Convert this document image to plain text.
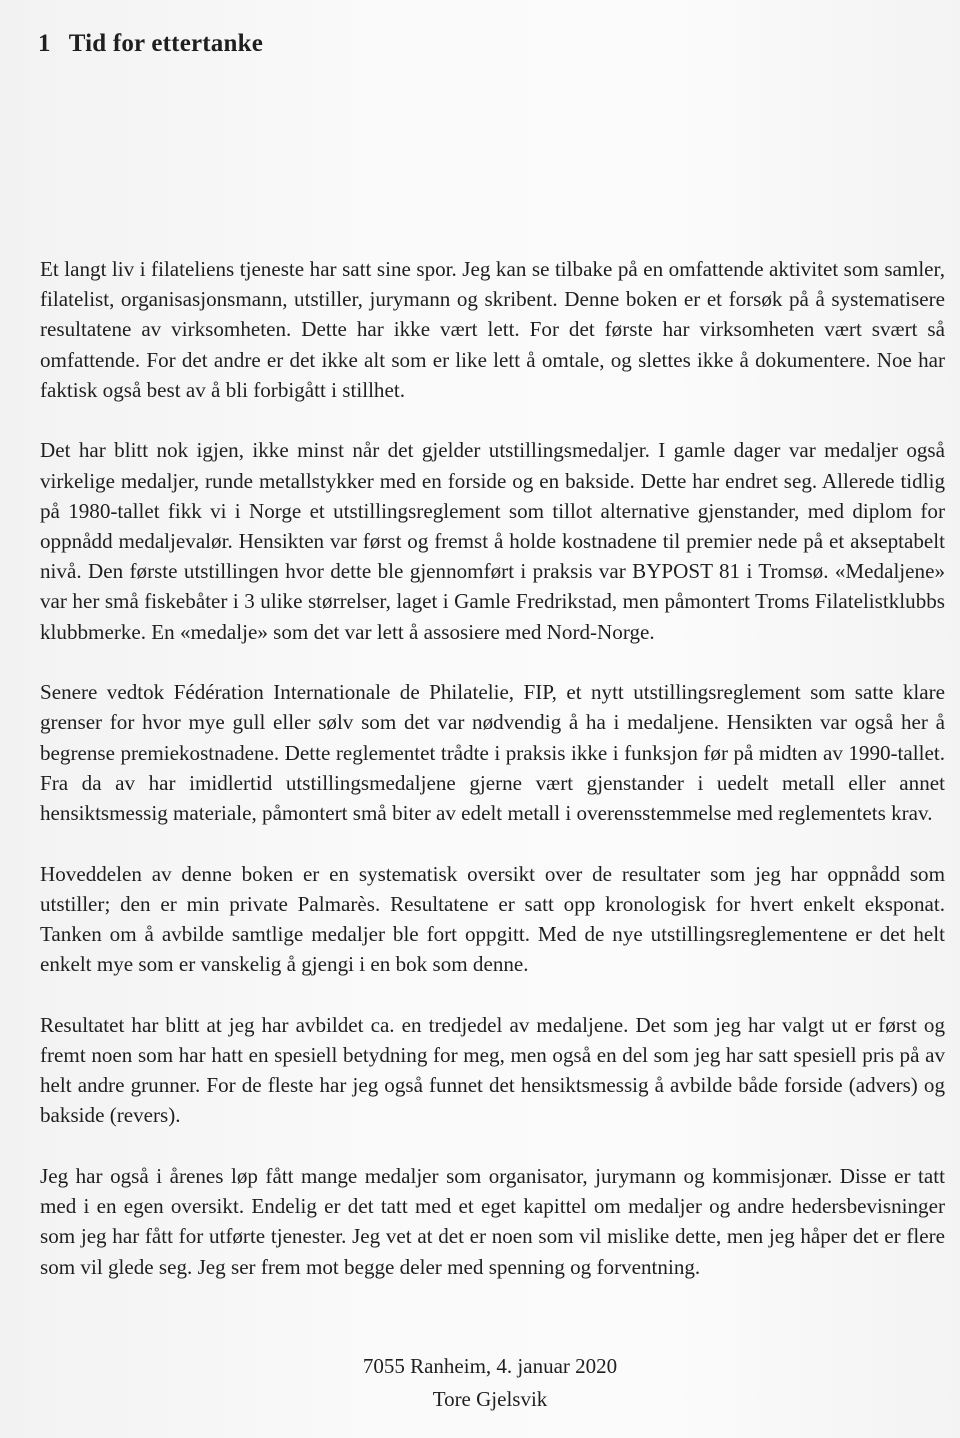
1 Tid for ettertanke

Et langt liv i filateliens tjeneste har satt sine spor. Jeg kan se tilbake på en omfattende aktivitet som samler, filatelist, organisasjonsmann, utstiller, jurymann og skribent. Denne boken er et forsøk på å systematisere resultatene av virksomheten. Dette har ikke vært lett. For det første har virksomheten vært svært så omfattende. For det andre er det ikke alt som er like lett å omtale, og slettes ikke å dokumentere. Noe har faktisk også best av å bli forbigått i stillhet.

Det har blitt nok igjen, ikke minst når det gjelder utstillingsmedaljer. I gamle dager var medaljer også virkelige medaljer, runde metallstykker med en forside og en bakside. Dette har endret seg. Allerede tidlig på 1980-tallet fikk vi i Norge et utstillingsreglement som tillot alternative gjenstander, med diplom for oppnådd medaljevalør. Hensikten var først og fremst å holde kostnadene til premier nede på et akseptabelt nivå. Den første utstillingen hvor dette ble gjennomført i praksis var BYPOST 81 i Tromsø. «Medaljene» var her små fiskebåter i 3 ulike størrelser, laget i Gamle Fredrikstad, men påmontert Troms Filatelistklubbs klubbmerke. En «medalje» som det var lett å assosiere med Nord-Norge.

Senere vedtok Fédération Internationale de Philatelie, FIP, et nytt utstillingsreglement som satte klare grenser for hvor mye gull eller sølv som det var nødvendig å ha i medaljene. Hensikten var også her å begrense premiekostnadene. Dette reglementet trådte i praksis ikke i funksjon før på midten av 1990-tallet. Fra da av har imidlertid utstillingsmedaljene gjerne vært gjenstander i uedelt metall eller annet hensiktsmessig materiale, påmontert små biter av edelt metall i overensstemmelse med reglementets krav.

Hoveddelen av denne boken er en systematisk oversikt over de resultater som jeg har oppnådd som utstiller; den er min private Palmarès. Resultatene er satt opp kronologisk for hvert enkelt eksponat. Tanken om å avbilde samtlige medaljer ble fort oppgitt. Med de nye utstillingsreglementene er det helt enkelt mye som er vanskelig å gjengi i en bok som denne.

Resultatet har blitt at jeg har avbildet ca. en tredjedel av medaljene. Det som jeg har valgt ut er først og fremt noen som har hatt en spesiell betydning for meg, men også en del som jeg har satt spesiell pris på av helt andre grunner. For de fleste har jeg også funnet det hensiktsmessig å avbilde både forside (advers) og bakside (revers).

Jeg har også i årenes løp fått mange medaljer som organisator, jurymann og kommisjonær. Disse er tatt med i en egen oversikt. Endelig er det tatt med et eget kapittel om medaljer og andre hedersbevisninger som jeg har fått for utførte tjenester. Jeg vet at det er noen som vil mislike dette, men jeg håper det er flere som vil glede seg. Jeg ser frem mot begge deler med spenning og forventning.

7055 Ranheim, 4. januar 2020
Tore Gjelsvik
